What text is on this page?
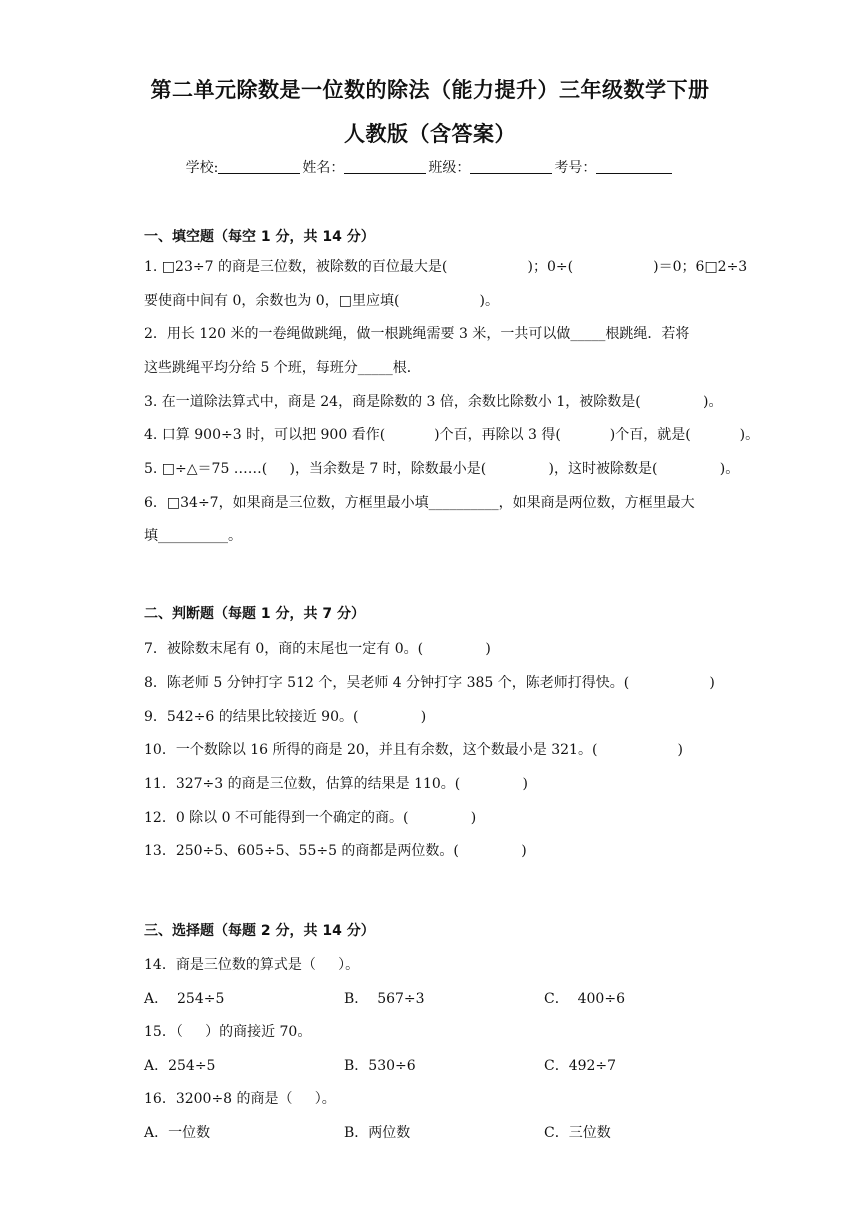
第二单元除数是一位数的除法（能力提升）三年级数学下册
人教版（含答案）
学校:	姓名：	班级：	考号：
一、填空题（每空 1 分，共 14 分）
1. □23÷7 的商是三位数，被除数的百位最大是(                  )；0÷(                  )＝0；6□2÷3
要使商中间有 0，余数也为 0，□里应填(                  )。
2．用长 120 米的一卷绳做跳绳，做一根跳绳需要 3 米，一共可以做_____根跳绳．若将
这些跳绳平均分给 5 个班，每班分_____根．
3. 在一道除法算式中，商是 24，商是除数的 3 倍，余数比除数小 1，被除数是(              )。
4. 口算 900÷3 时，可以把 900 看作(           )个百，再除以 3 得(           )个百，就是(           )。
5. □÷△＝75 ……(     )，当余数是 7 时，除数最小是(              )，这时被除数是(              )。
6．□34÷7，如果商是三位数，方框里最小填__________，如果商是两位数，方框里最大
填__________。
二、判断题（每题 1 分，共 7 分）
7．被除数末尾有 0，商的末尾也一定有 0。(              )
8．陈老师 5 分钟打字 512 个，吴老师 4 分钟打字 385 个，陈老师打得快。(                  )
9．542÷6 的结果比较接近 90。(              )
10．一个数除以 16 所得的商是 20，并且有余数，这个数最小是 321。(                  )
11．327÷3 的商是三位数，估算的结果是 110。(              )
12．0 除以 0 不可能得到一个确定的商。(              )
13．250÷5、605÷5、55÷5 的商都是两位数。(              )
三、选择题（每题 2 分，共 14 分）
14．商是三位数的算式是（     ）。
A．  254÷5	B．  567÷3	C．  400÷6
15．（     ）的商接近 70。
A．254÷5	B．530÷6	C．492÷7
16．3200÷8 的商是（     ）。
A．一位数	B．两位数	C．三位数
